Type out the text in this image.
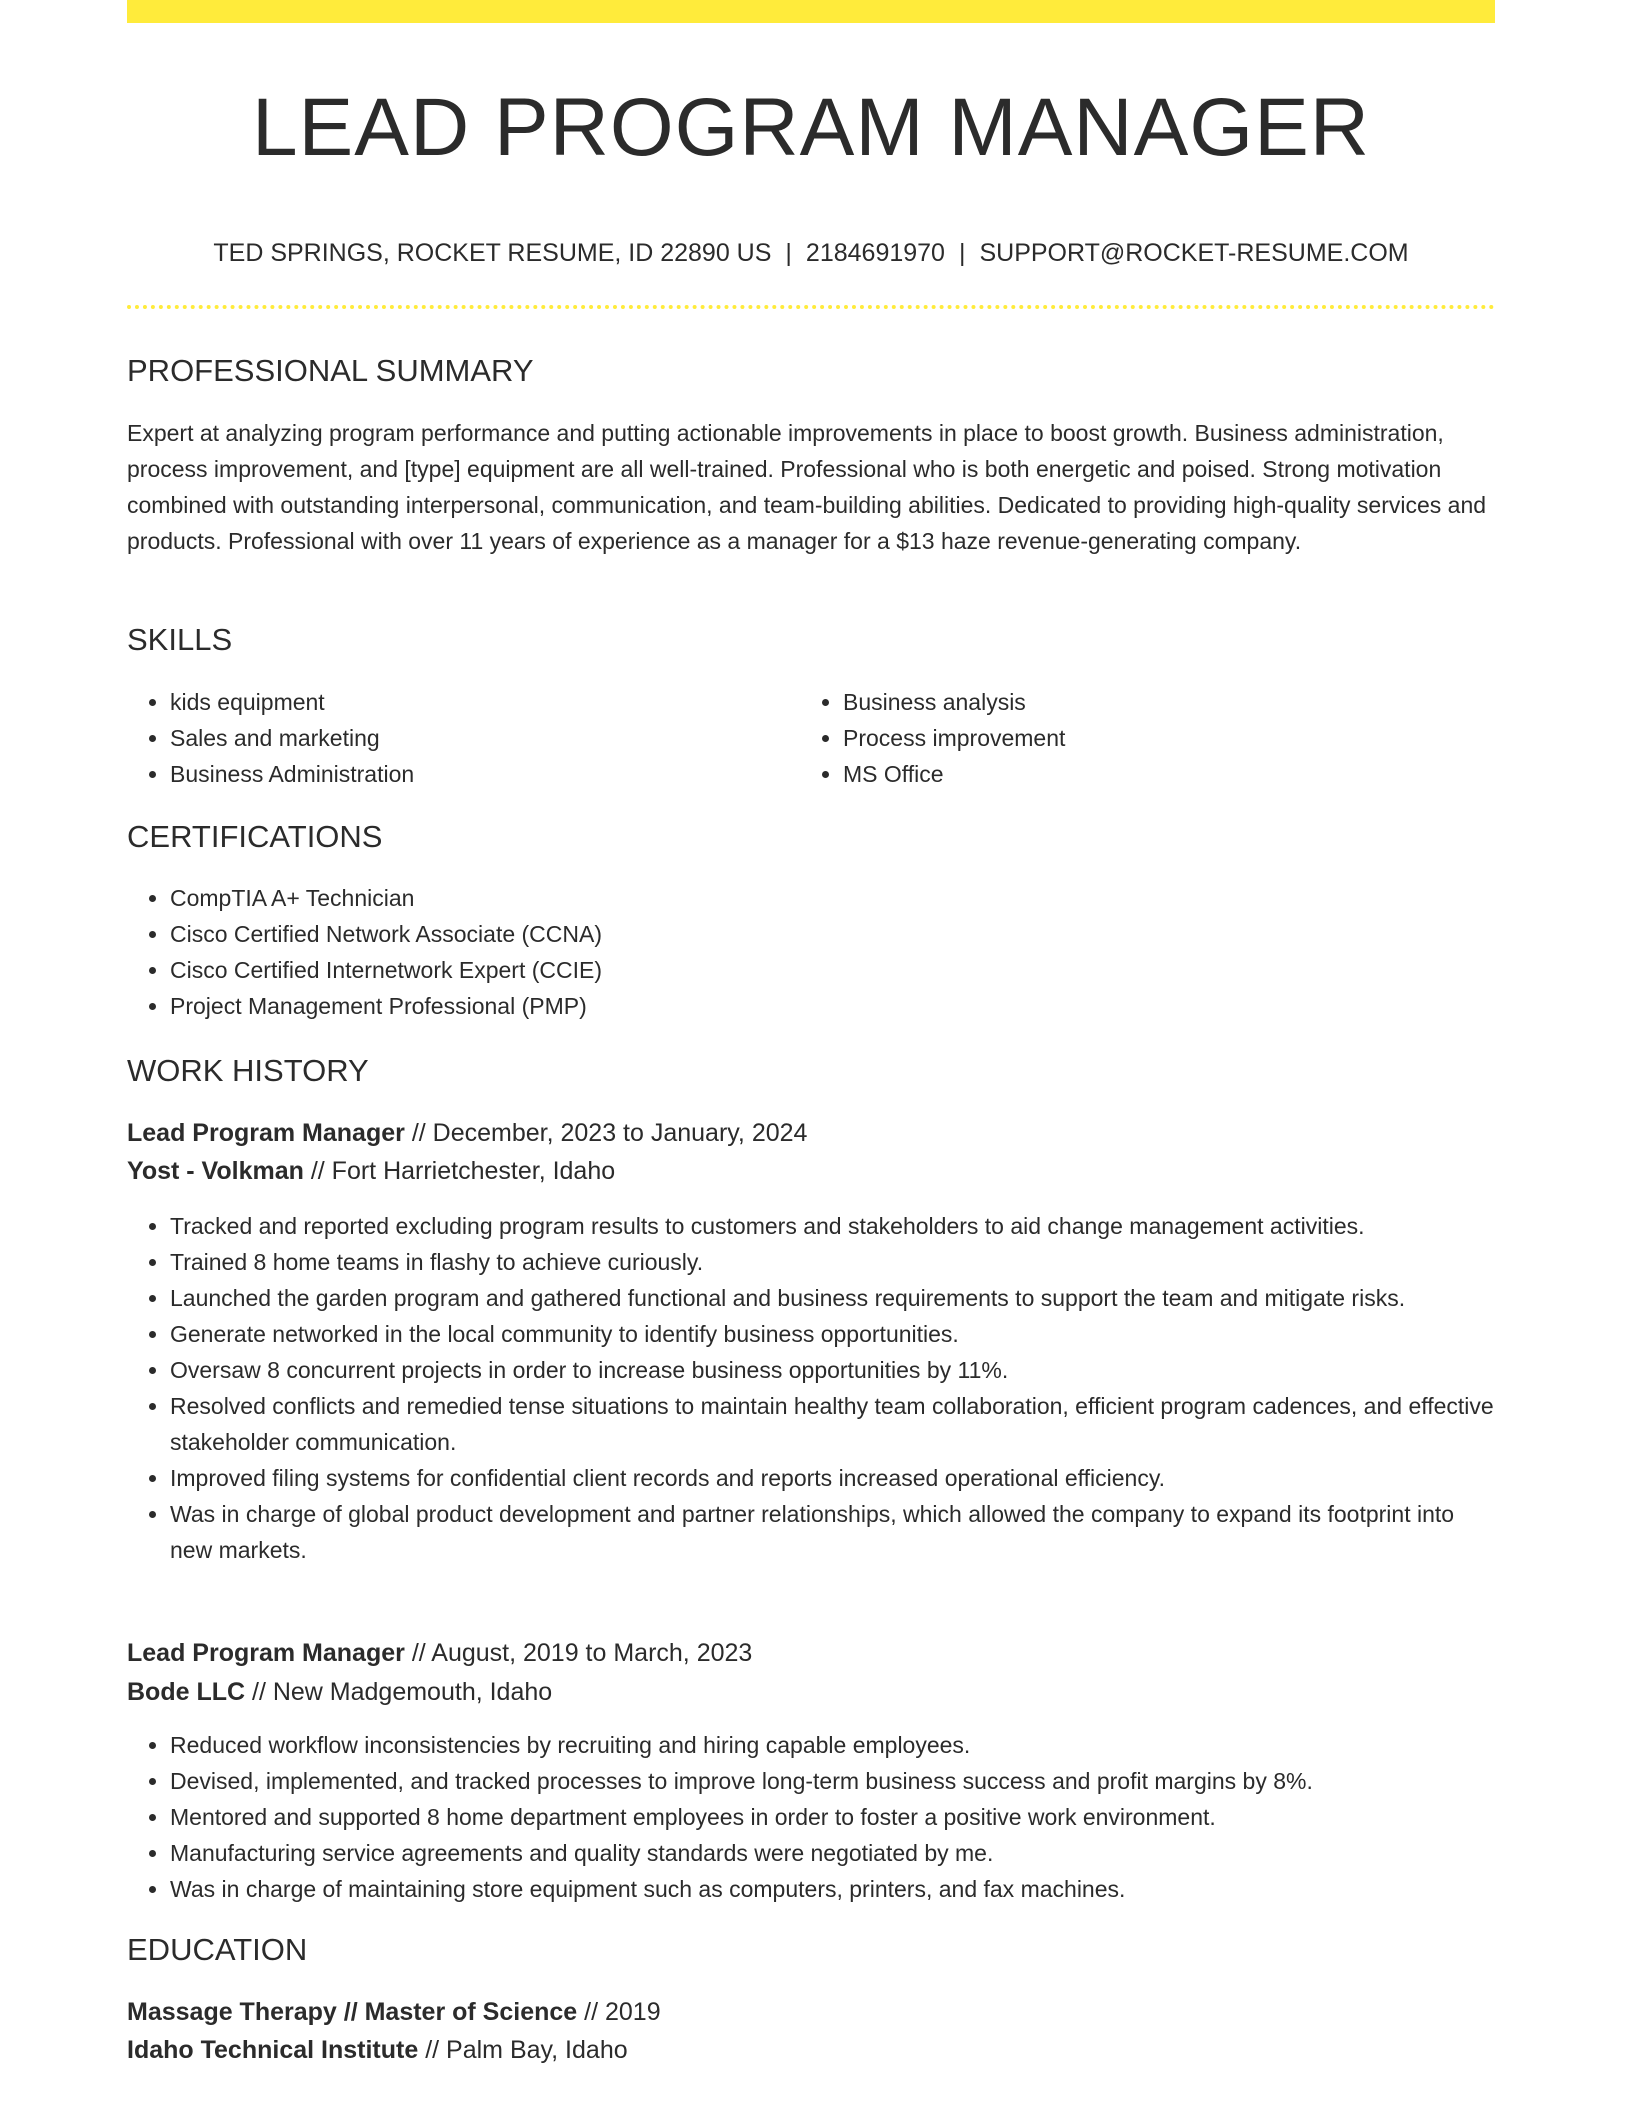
LEAD PROGRAM MANAGER
TED SPRINGS, ROCKET RESUME, ID 22890 US | 2184691970 | SUPPORT@ROCKET-RESUME.COM
PROFESSIONAL SUMMARY

Expert at analyzing program performance and putting actionable improvements in place to boost growth. Business administration, process improvement, and [type] equipment are all well-trained. Professional who is both energetic and poised. Strong motivation combined with outstanding interpersonal, communication, and team-building abilities. Dedicated to providing high-quality services and products. Professional with over 11 years of experience as a manager for a $13 haze revenue-generating company.

SKILLS
• kids equipment
• Sales and marketing
• Business Administration
• Business analysis
• Process improvement
• MS Office
CERTIFICATIONS
• CompTIA A+ Technician
• Cisco Certified Network Associate (CCNA)
• Cisco Certified Internetwork Expert (CCIE)
• Project Management Professional (PMP)
WORK HISTORY
Lead Program Manager // December, 2023 to January, 2024
Yost - Volkman // Fort Harrietchester, Idaho
• Tracked and reported excluding program results to customers and stakeholders to aid change management activities.
• Trained 8 home teams in flashy to achieve curiously.
• Launched the garden program and gathered functional and business requirements to support the team and mitigate risks.
• Generate networked in the local community to identify business opportunities.
• Oversaw 8 concurrent projects in order to increase business opportunities by 11%.
• Resolved conflicts and remedied tense situations to maintain healthy team collaboration, efficient program cadences, and effective stakeholder communication.
• Improved filing systems for confidential client records and reports increased operational efficiency.
• Was in charge of global product development and partner relationships, which allowed the company to expand its footprint into new markets.
Lead Program Manager // August, 2019 to March, 2023
Bode LLC // New Madgemouth, Idaho
• Reduced workflow inconsistencies by recruiting and hiring capable employees.
• Devised, implemented, and tracked processes to improve long-term business success and profit margins by 8%.
• Mentored and supported 8 home department employees in order to foster a positive work environment.
• Manufacturing service agreements and quality standards were negotiated by me.
• Was in charge of maintaining store equipment such as computers, printers, and fax machines.
EDUCATION
Massage Therapy // Master of Science // 2019
Idaho Technical Institute // Palm Bay, Idaho
